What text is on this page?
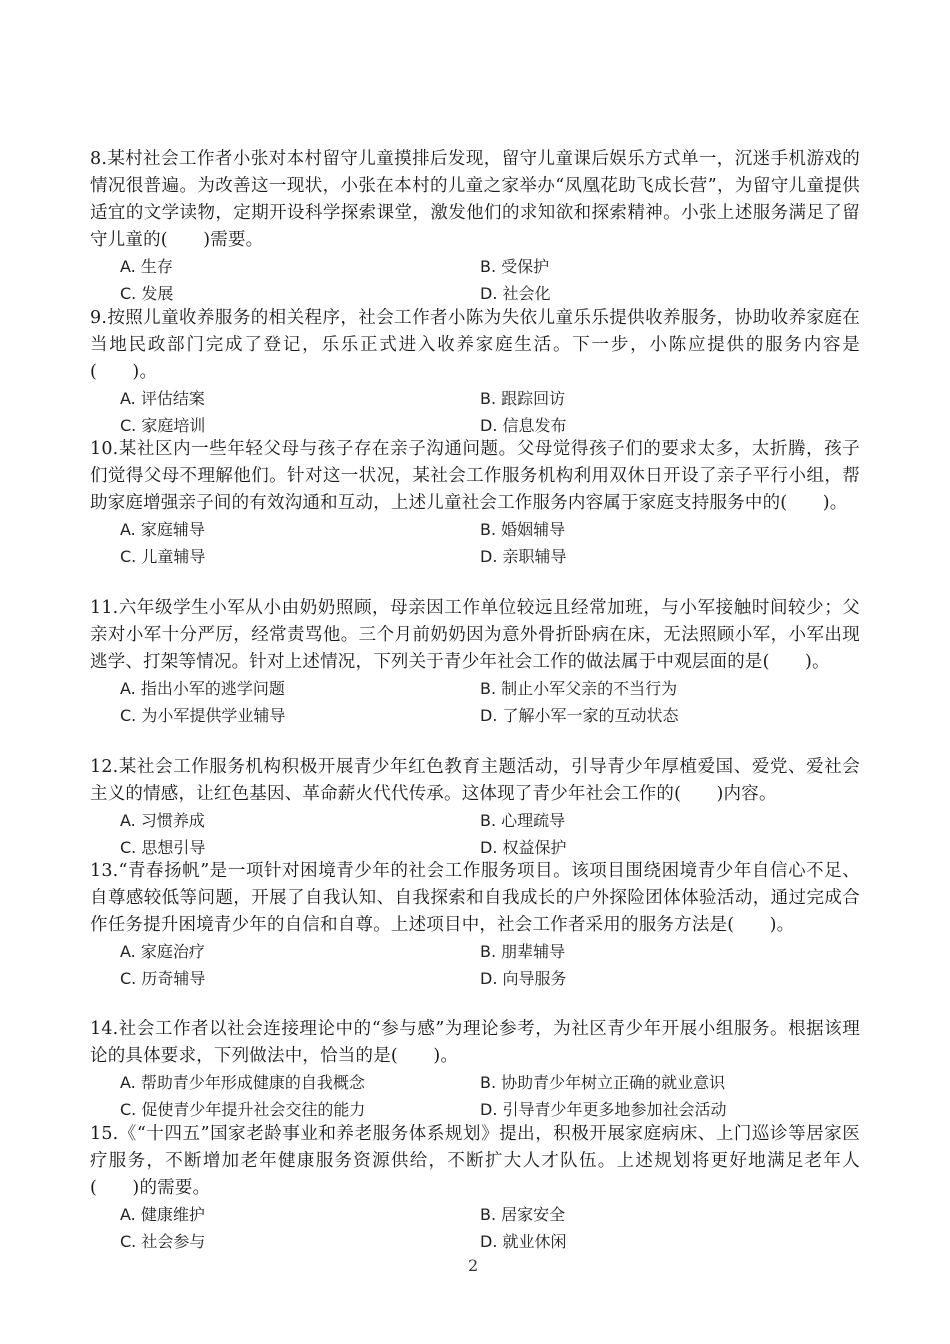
8.某村社会工作者小张对本村留守儿童摸排后发现，留守儿童课后娱乐方式单一，沉迷手机游戏的情况很普遍。为改善这一现状，小张在本村的儿童之家举办“凤凰花助飞成长营”，为留守儿童提供适宜的文学读物，定期开设科学探索课堂，激发他们的求知欲和探索精神。小张上述服务满足了留守儿童的(　　)需要。
A. 生存	B. 受保护
C. 发展	D. 社会化
9.按照儿童收养服务的相关程序，社会工作者小陈为失依儿童乐乐提供收养服务，协助收养家庭在当地民政部门完成了登记，乐乐正式进入收养家庭生活。下一步，小陈应提供的服务内容是(　　)。
A. 评估结案	B. 跟踪回访
C. 家庭培训	D. 信息发布
10.某社区内一些年轻父母与孩子存在亲子沟通问题。父母觉得孩子们的要求太多，太折腾，孩子们觉得父母不理解他们。针对这一状况，某社会工作服务机构利用双休日开设了亲子平行小组，帮助家庭增强亲子间的有效沟通和互动，上述儿童社会工作服务内容属于家庭支持服务中的(　　)。
A. 家庭辅导	B. 婚姻辅导
C. 儿童辅导	D. 亲职辅导
11.六年级学生小军从小由奶奶照顾，母亲因工作单位较远且经常加班，与小军接触时间较少；父亲对小军十分严厉，经常责骂他。三个月前奶奶因为意外骨折卧病在床，无法照顾小军，小军出现逃学、打架等情况。针对上述情况，下列关于青少年社会工作的做法属于中观层面的是(　　)。
A. 指出小军的逃学问题	B. 制止小军父亲的不当行为
C. 为小军提供学业辅导	D. 了解小军一家的互动状态
12.某社会工作服务机构积极开展青少年红色教育主题活动，引导青少年厚植爱国、爱党、爱社会主义的情感，让红色基因、革命薪火代代传承。这体现了青少年社会工作的(　　)内容。
A. 习惯养成	B. 心理疏导
C. 思想引导	D. 权益保护
13.“青春扬帆”是一项针对困境青少年的社会工作服务项目。该项目围绕困境青少年自信心不足、自尊感较低等问题，开展了自我认知、自我探索和自我成长的户外探险团体体验活动，通过完成合作任务提升困境青少年的自信和自尊。上述项目中，社会工作者采用的服务方法是(　　)。
A. 家庭治疗	B. 朋辈辅导
C. 历奇辅导	D. 向导服务
14.社会工作者以社会连接理论中的“参与感”为理论参考，为社区青少年开展小组服务。根据该理论的具体要求，下列做法中，恰当的是(　　)。
A. 帮助青少年形成健康的自我概念	B. 协助青少年树立正确的就业意识
C. 促使青少年提升社会交往的能力	D. 引导青少年更多地参加社会活动
15.《“十四五”国家老龄事业和养老服务体系规划》提出，积极开展家庭病床、上门巡诊等居家医疗服务，不断增加老年健康服务资源供给，不断扩大人才队伍。上述规划将更好地满足老年人(　　)的需要。
A. 健康维护	B. 居家安全
C. 社会参与	D. 就业休闲
2
